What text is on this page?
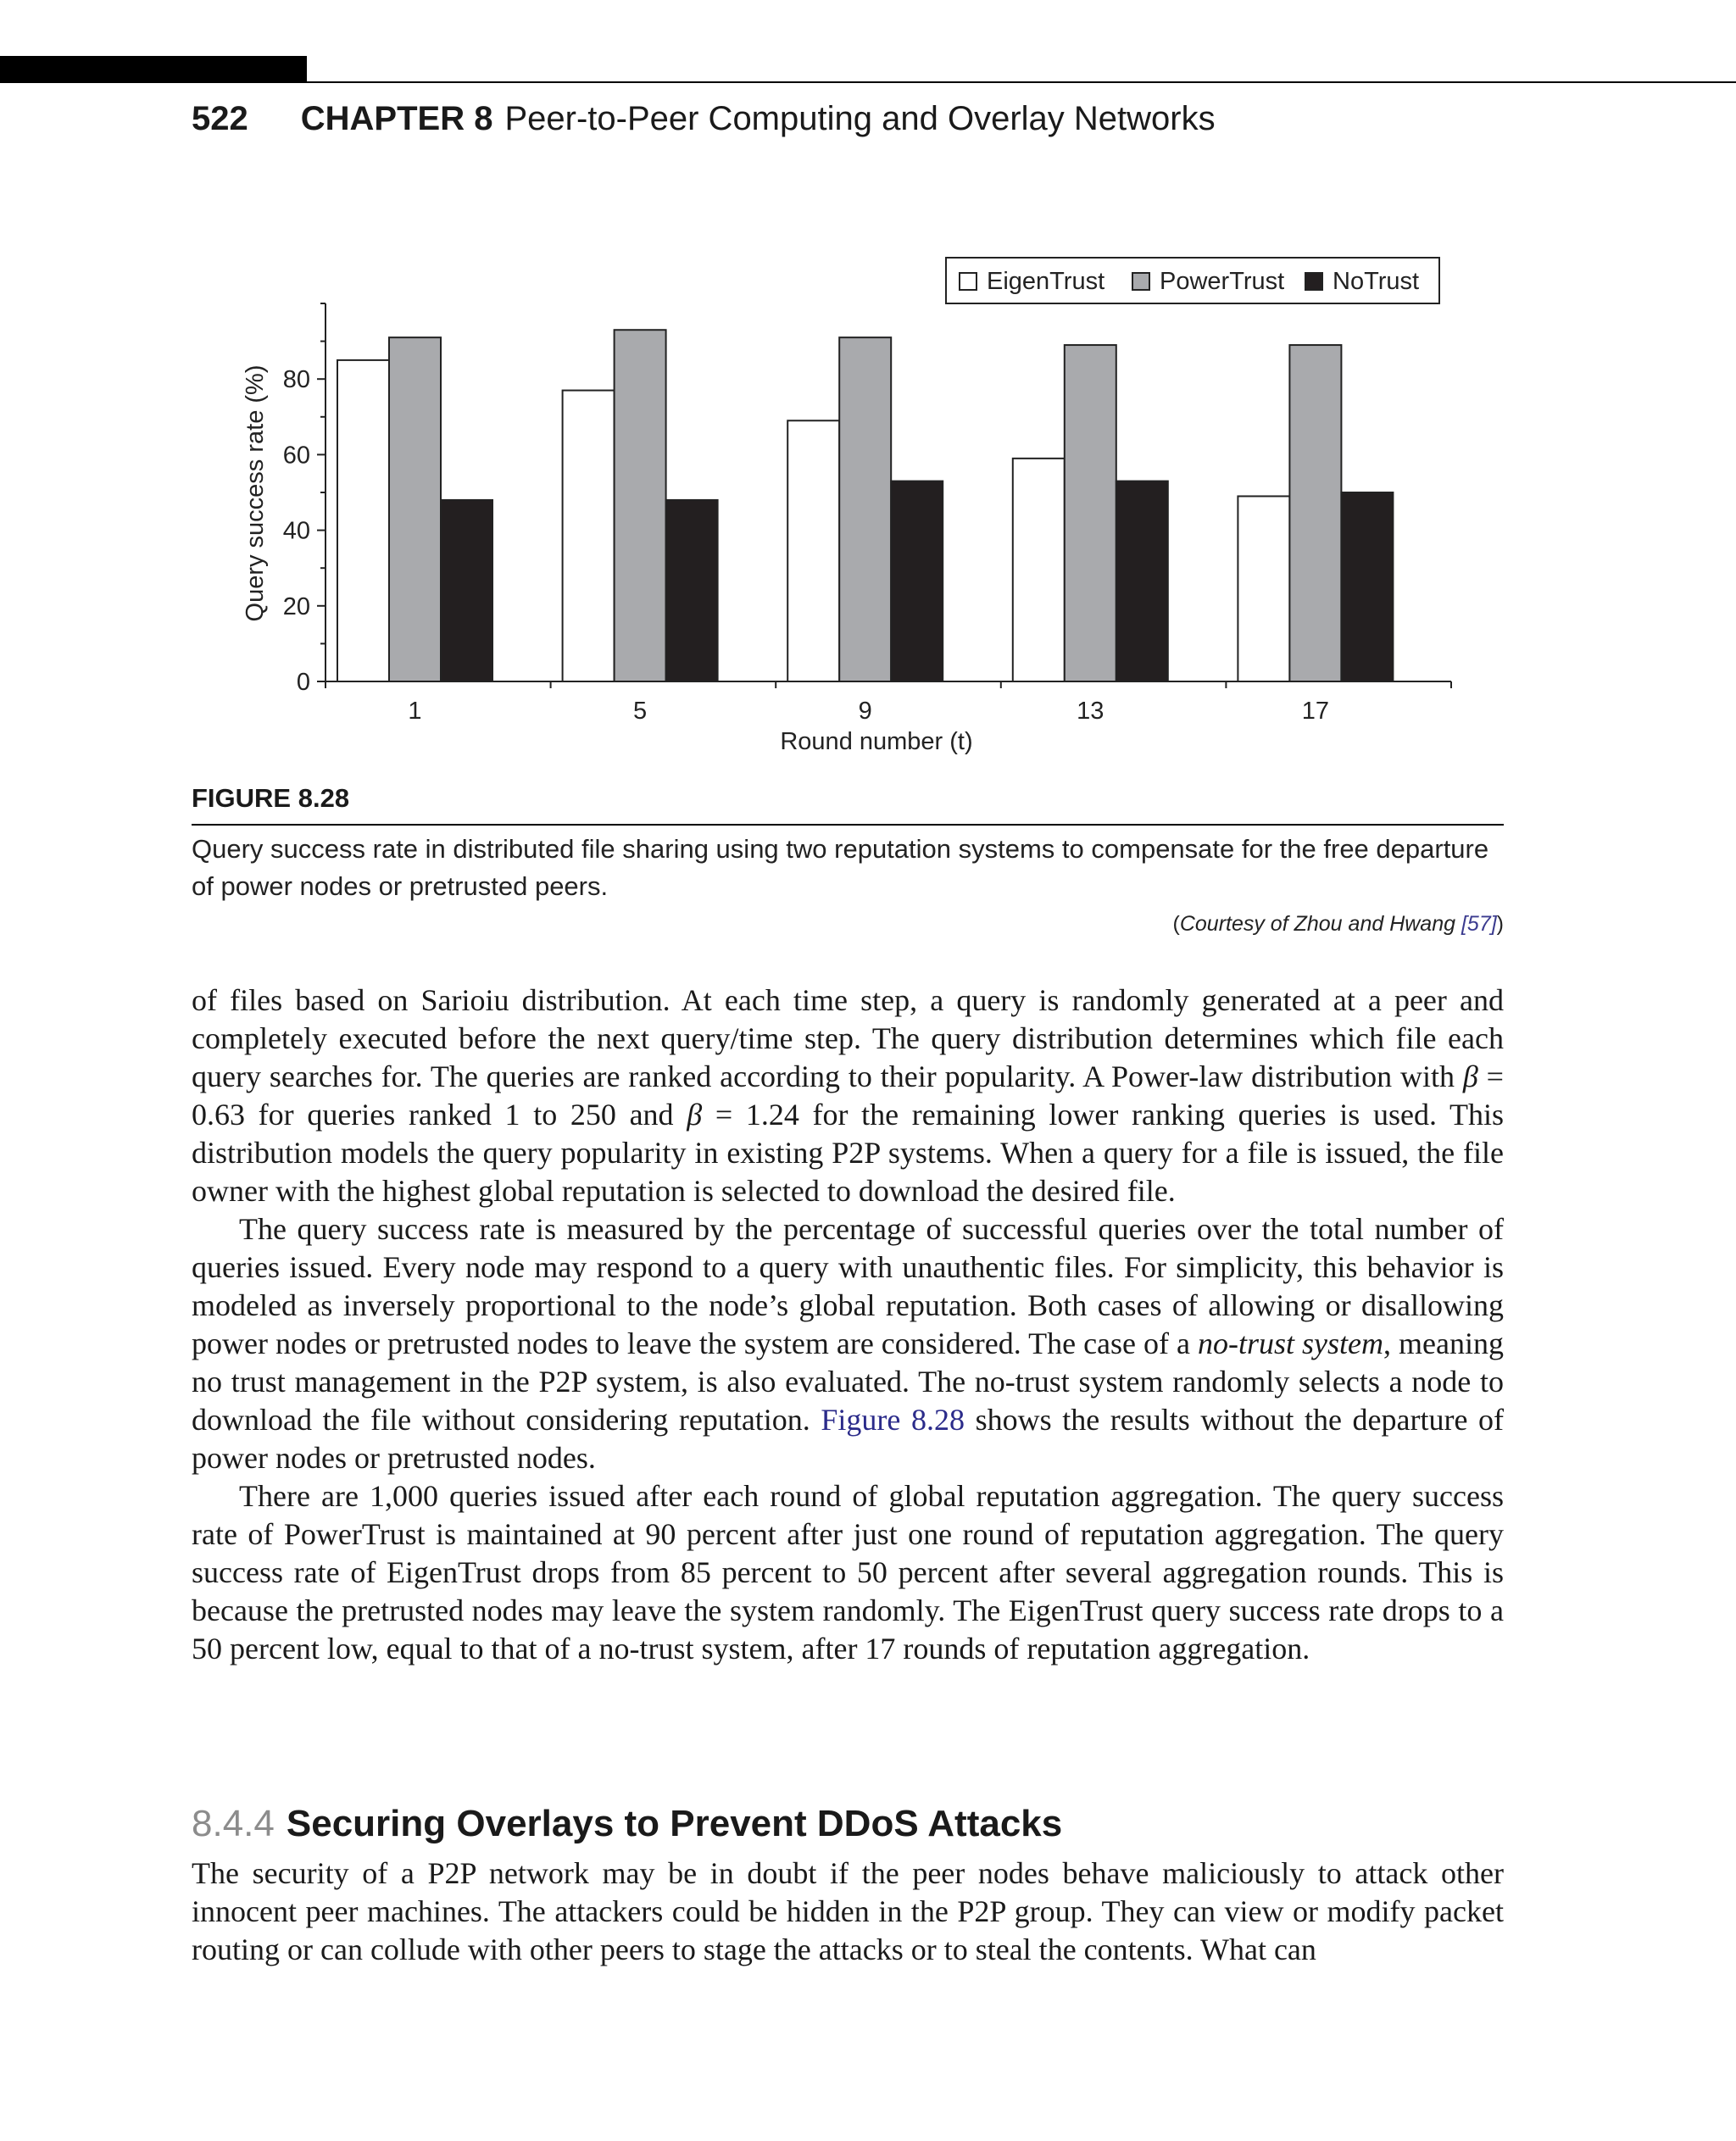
522 CHAPTER 8 Peer-to-Peer Computing and Overlay Networks
0
20
40
60
80
1	5	9	13	17
Round number (t)
Query success rate (%)
EigenTrust PowerTrust NoTrust
FIGURE 8.28
Query success rate in distributed file sharing using two reputation systems to compensate for the free departure of power nodes or pretrusted peers.
(Courtesy of Zhou and Hwang [57])

of files based on Sarioiu distribution. At each time step, a query is randomly generated at a peer and completely executed before the next query/time step. The query distribution determines which file each query searches for. The queries are ranked according to their popularity. A Power-law distribution with β = 0.63 for queries ranked 1 to 250 and β = 1.24 for the remaining lower ranking queries is used. This distribution models the query popularity in existing P2P systems. When a query for a file is issued, the file owner with the highest global reputation is selected to download the desired file.

The query success rate is measured by the percentage of successful queries over the total number of queries issued. Every node may respond to a query with unauthentic files. For simplicity, this behavior is modeled as inversely proportional to the node’s global reputation. Both cases of allowing or disallowing power nodes or pretrusted nodes to leave the system are considered. The case of a no-trust system, meaning no trust management in the P2P system, is also evaluated. The no-trust system randomly selects a node to download the file without considering reputation. Figure 8.28 shows the results without the departure of power nodes or pretrusted nodes.

There are 1,000 queries issued after each round of global reputation aggregation. The query success rate of PowerTrust is maintained at 90 percent after just one round of reputation aggregation. The query success rate of EigenTrust drops from 85 percent to 50 percent after several aggregation rounds. This is because the pretrusted nodes may leave the system randomly. The EigenTrust query success rate drops to a 50 percent low, equal to that of a no-trust system, after 17 rounds of reputation aggregation.

8.4.4 Securing Overlays to Prevent DDoS Attacks

The security of a P2P network may be in doubt if the peer nodes behave maliciously to attack other innocent peer machines. The attackers could be hidden in the P2P group. They can view or modify packet routing or can collude with other peers to stage the attacks or to steal the contents. What can
